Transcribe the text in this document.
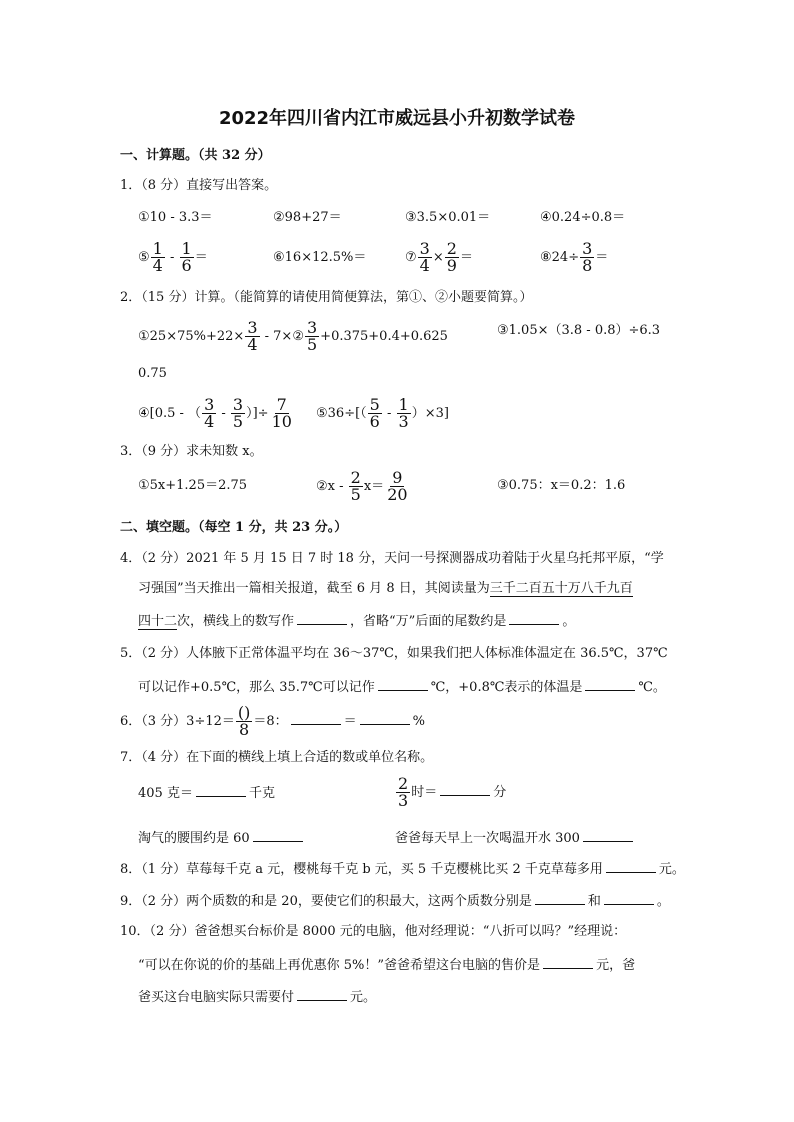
2022年四川省内江市威远县小升初数学试卷
一、计算题。（共 32 分）
1．（8 分）直接写出答案。
①10 - 3.3＝	②98+27＝	③3.5×0.01＝	④0.24÷0.8＝
⑤ $\frac{1}{4} - \frac{1}{6}$ ＝	⑥16×12.5%＝	⑦ $\frac{3}{4} \times \frac{2}{9}$ ＝	⑧24÷ $\frac{3}{8}$ ＝
2．（15 分）计算。（能简算的请使用简便算法，第①、②小题要简算。）
①25×75%+22× $\frac{3}{4}$ - 7×② $\frac{3}{5} +0.375+0.4+0.625$	③1.05×（3.8 - 0.8）÷6.3
0.75
④[0.5 - （ $\frac{3}{4} - \frac{3}{5}$ ）]÷ $\frac{7}{10}$ ⑤36÷[（ $\frac{5}{6} - \frac{1}{3} )\times 3$]
3．（9 分）求未知数 x。
①5x+1.25＝2.75	②x - $\frac{2}{5} x= \frac{9}{20}$	③0.75：x＝0.2：1.6
二、填空题。（每空 1 分，共 23 分。）
4．（2 分）2021 年 5 月 15 日 7 时 18 分，天问一号探测器成功着陆于火星乌托邦平原，“学
习强国”当天推出一篇相关报道，截至 6 月 8 日，其阅读量为三千二百五十万八千九百
四十二次，横线上的数写作	，省略“万”后面的尾数约是	。
5．（2 分）人体腋下正常体温平均在 36～37℃，如果我们把人体标准体温定在 36.5℃，37℃
可以记作+0.5℃，那么 35.7℃可以记作	℃，+0.8℃表示的体温是	℃。
6．（3 分）3÷12＝ ()
8 ＝8：	＝	%
7．（4 分）在下面的横线上填上合适的数或单位名称。
405 克＝	千克	$\frac{2}{3}$ 时＝	分
淘气的腰围约是 60	爸爸每天早上一次喝温开水 300
8．（1 分）草莓每千克 a 元，樱桃每千克 b 元，买 5 千克樱桃比买 2 千克草莓多用	元。
9．（2 分）两个质数的和是 20，要使它们的积最大，这两个质数分别是	和	。
10．（2 分）爸爸想买台标价是 8000 元的电脑，他对经理说：“八折可以吗？”经理说：
“可以在你说的价的基础上再优惠你 5%！”爸爸希望这台电脑的售价是	元，爸
爸买这台电脑实际只需要付	元。
